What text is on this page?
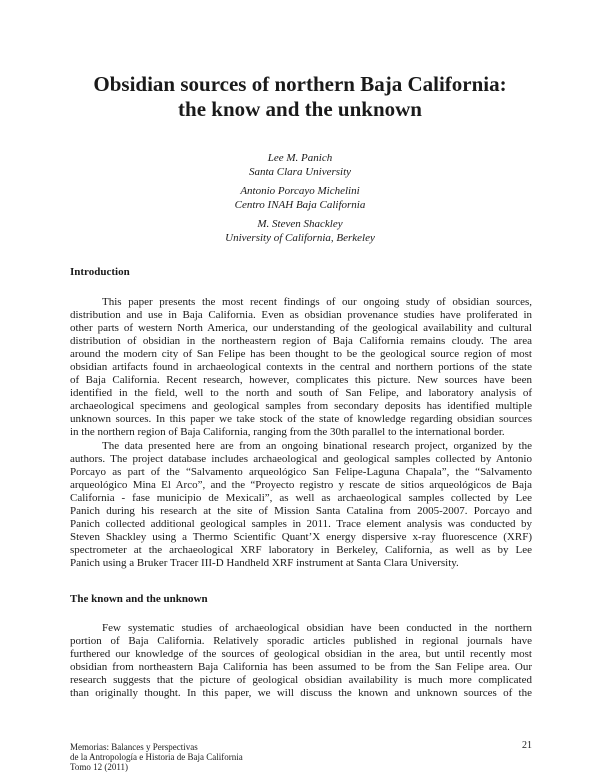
Obsidian sources of northern Baja California:
the know and the unknown
Lee M. Panich
Santa Clara University
Antonio Porcayo Michelini
Centro INAH Baja California
M. Steven Shackley
University of California, Berkeley
Introduction
This paper presents the most recent findings of our ongoing study of obsidian sources,
distribution and use in Baja California. Even as obsidian provenance studies have proliferated in
other parts of western North America, our understanding of the geological availability and cultural
distribution of obsidian in the northeastern region of Baja California remains cloudy. The area
around the modern city of San Felipe has been thought to be the geological source region of most
obsidian artifacts found in archaeological contexts in the central and northern portions of the state
of Baja California. Recent research, however, complicates this picture. New sources have been
identified in the field, well to the north and south of San Felipe, and laboratory analysis of
archaeological specimens and geological samples from secondary deposits has identified multiple
unknown sources. In this paper we take stock of the state of knowledge regarding obsidian sources
in the northern region of Baja California, ranging from the 30th parallel to the international border.
The data presented here are from an ongoing binational research project, organized by the
authors. The project database includes archaeological and geological samples collected by Antonio
Porcayo as part of the “Salvamento arqueológico San Felipe-Laguna Chapala”, the “Salvamento
arqueológico Mina El Arco”, and the “Proyecto registro y rescate de sitios arqueológicos de Baja
California - fase municipio de Mexicali”, as well as archaeological samples collected by Lee
Panich during his research at the site of Mission Santa Catalina from 2005-2007. Porcayo and
Panich collected additional geological samples in 2011. Trace element analysis was conducted by
Steven Shackley using a Thermo Scientific Quant’X energy dispersive x-ray fluorescence (XRF)
spectrometer at the archaeological XRF laboratory in Berkeley, California, as well as by Lee
Panich using a Bruker Tracer III-D Handheld XRF instrument at Santa Clara University.
The known and the unknown
Few systematic studies of archaeological obsidian have been conducted in the northern
portion of Baja California. Relatively sporadic articles published in regional journals have
furthered our knowledge of the sources of geological obsidian in the area, but until recently most
obsidian from northeastern Baja California has been assumed to be from the San Felipe area. Our
research suggests that the picture of geological obsidian availability is much more complicated
than originally thought. In this paper, we will discuss the known and unknown sources of the
Memorias: Balances y Perspectivas
de la Antropología e Historia de Baja California
Tomo 12 (2011)
21
